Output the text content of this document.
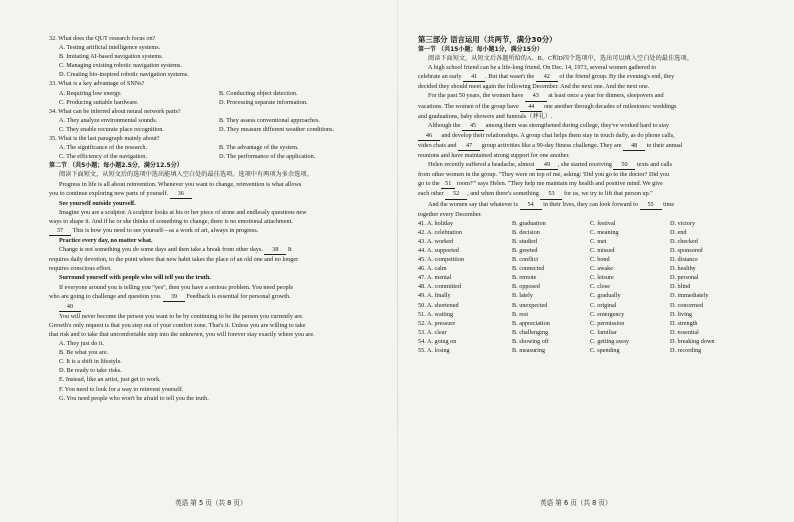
32. What does the QUT research focus on?

A. Testing artificial intelligence systems.

B. Imitating AI-based navigation systems.

C. Managing existing robotic navigation systems.

D. Creating bio-inspired robotic navigation systems.

33. What is a key advantage of SNNs?

A. Requiring low energy.	B. Conducting object detection.
C. Producing suitable hardware.	D. Processing separate information.

34. What can be inferred about neural network parts?

A. They analyze environmental sounds.	B. They assess conventional approaches.
C. They enable recurate place recognition.	D. They measure different weather conditions.

35. What is the last paragraph mainly about?

A. The significance of the research.	B. The advantage of the system.
C. The efficiency of the navigation.	D. The performance of the application.

第二节 （共5小题；每小题2.5分，满分12.5分）

阅读下面短文，从短文后的选项中选出能填入空白处的最佳选项。选项中有两项为多余选项。

Progress in life is all about reinvention. Whenever you want to change, reinvention is what allows

you to continue exploring new parts of yourself. 36

See yourself outside yourself.

Imagine you are a sculptor. A sculptor looks at his or her piece of stone and endlessly questions new

ways to shape it. And if he or she thinks of something to change, there is no emotional attachment.

37 This is how you need to see yourself—as a work of art, always in progress.

Practice every day, no matter what.

Change is not something you do some days and then take a break from other days. 38 It

requires daily devotion, to the point where that new habit takes the place of an old one and no longer

requires conscious effort.

Surround yourself with people who will tell you the truth.

If everyone around you is telling you "yes", then you have a serious problem. You need people

who are going to challenge and question you. 39 Feedback is essential for personal growth.

40

You will never become the person you want to be by continuing to be the person you currently are.

Growth's only request is that you step out of your comfort zone. That's it. Unless you are willing to take

that risk and to take that uncomfortable step into the unknown, you will forever stay exactly where you are.

A. They just do it.

B. Be what you are.

C. It is a shift in lifestyle.

D. Be ready to take risks.

E. Instead, like an artist, just get to work.

F. You need to look for a way to reinvent yourself.

G. You need people who won't be afraid to tell you the truth.

第三部分 语言运用（共两节，满分30分）

第一节 （共15小题；每小题1分，满分15分）

阅读下面短文，从短文后各题所给的A、B、C和D四个选项中，选出可以填入空白处的最佳选项。

A high school friend can be a life-long friend. On Dec. 14, 1973, several women gathered to

celebrate an early 41 . But that wasn't the 42 of the friend group. By the evening's end, they

decided they should meet again the following December. And the next one. And the next one.

For the past 50 years, the women have 43 at least once a year for dinners, sleepovers and

vacations. The women of the group have 44 one another through decades of milestones: weddings

and graduations, baby showers and funerals（葬礼）.

Although the 45 among them was strengthened during college, they've worked hard to stay

46 and develop their relationships. A group chat helps them stay in touch daily, as do phone calls,

video chats and 47 group activities like a 90-day fitness challenge. They are 48 to their annual

reunions and have maintained strong support for one another.

Helen recently suffered a headache, almost 49 , she started receiving 50 texts and calls

from other women in the group. "They were on top of me, asking: 'Did you go to the doctor? Did you

go to the 51 room?'" says Helen. "They help me maintain my health and positive mind. We give

each other 52 , and when there's something 53 for us, we try to lift that person up."

And the women say that whatever is 54 in their lives, they can look forward to 55 time

together every December.

41. A. holiday	B. graduation	C. festival	D. victory
42. A. celebration	B. decision	C. meaning	D. end
43. A. worked	B. studied	C. met	D. checked
44. A. supported	B. greeted	C. missed	D. sponsored
45. A. competition	B. conflict	C. bond	D. distance
46. A. calm	B. connected	C. awake	D. healthy
47. A. mental	B. remote	C. leisure	D. personal
48. A. committed	B. opposed	C. close	D. blind
49. A. finally	B. lately	C. gradually	D. immediately
50. A. shortened	B. unexpected	C. original	D. concerned
51. A. waiting	B. rest	C. emergency	D. living
52. A. pressure	B. appreciation	C. permission	D. strength
53. A. clear	B. challenging	C. familiar	D. essential
54. A. going on	B. showing off	C. getting away	D. breaking down
55. A. losing	B. measuring	C. spending	D. recording
英语 第 5 页（共 8 页）	英语 第 6 页（共 8 页）
